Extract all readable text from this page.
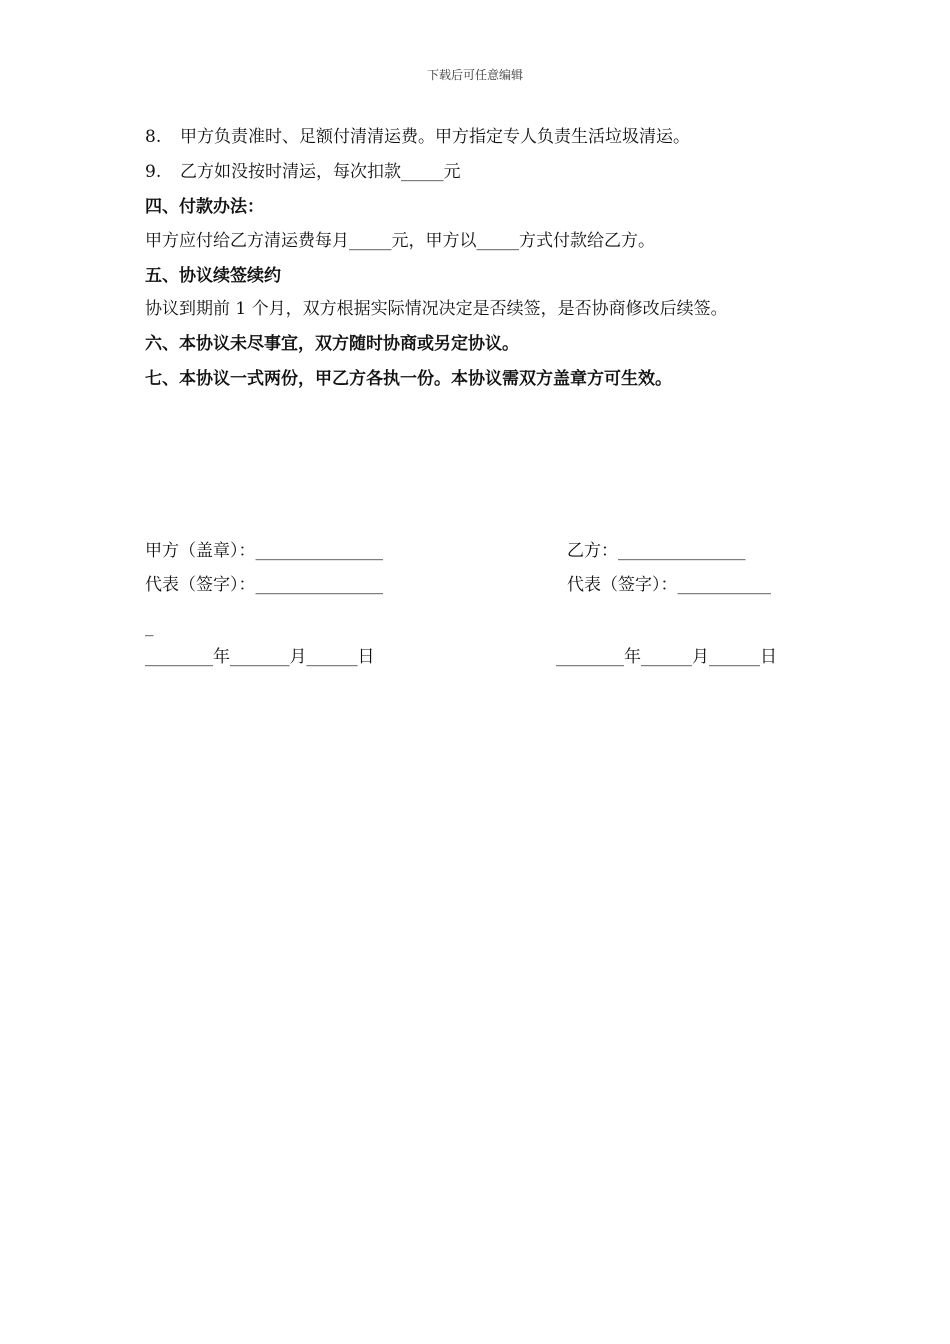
下载后可任意编辑
8. 甲方负责准时、足额付清清运费。甲方指定专人负责生活垃圾清运。
9. 乙方如没按时清运，每次扣款_____元
四、付款办法：
甲方应付给乙方清运费每月_____元，甲方以_____方式付款给乙方。
五、协议续签续约
协议到期前 1 个月，双方根据实际情况决定是否续签，是否协商修改后续签。
六、本协议未尽事宜，双方随时协商或另定协议。
七、本协议一式两份，甲乙方各执一份。本协议需双方盖章方可生效。
甲方（盖章）：_______________	乙方：_______________
代表（签字）：_______________	代表（签字）：___________
_
________年_______月______日	________年______月______日
